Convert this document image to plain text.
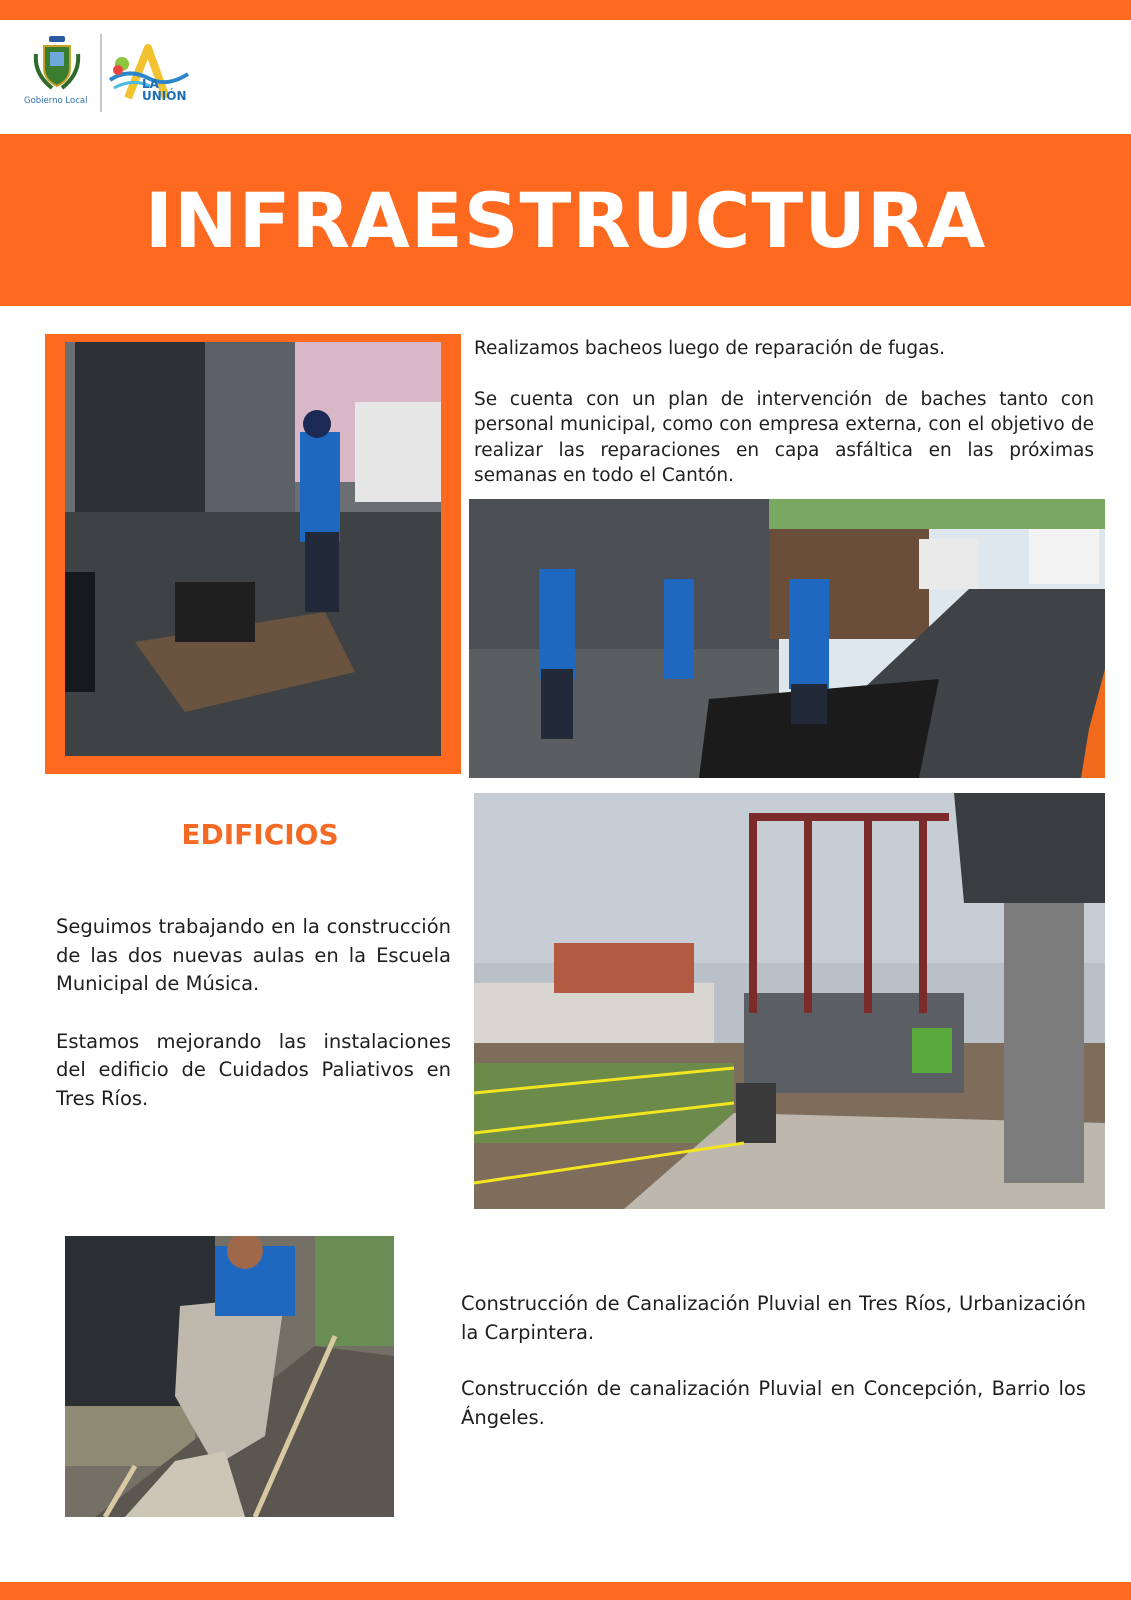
Gobierno Local
LA UNIÓN
INFRAESTRUCTURA

Realizamos bacheos luego de reparación de fugas.

Se cuenta con un plan de intervención de baches tanto con personal municipal, como con empresa externa, con el objetivo de realizar las reparaciones en capa asfáltica en las próximas semanas en todo el Cantón.

EDIFICIOS

Seguimos trabajando en la construcción de las dos nuevas aulas en la Escuela Municipal de Música.

Estamos mejorando las instalaciones del edificio de Cuidados Paliativos en Tres Ríos.

Construcción de Canalización Pluvial en Tres Ríos, Urbanización la Carpintera.

Construcción de canalización Pluvial en Concepción, Barrio los Ángeles.
